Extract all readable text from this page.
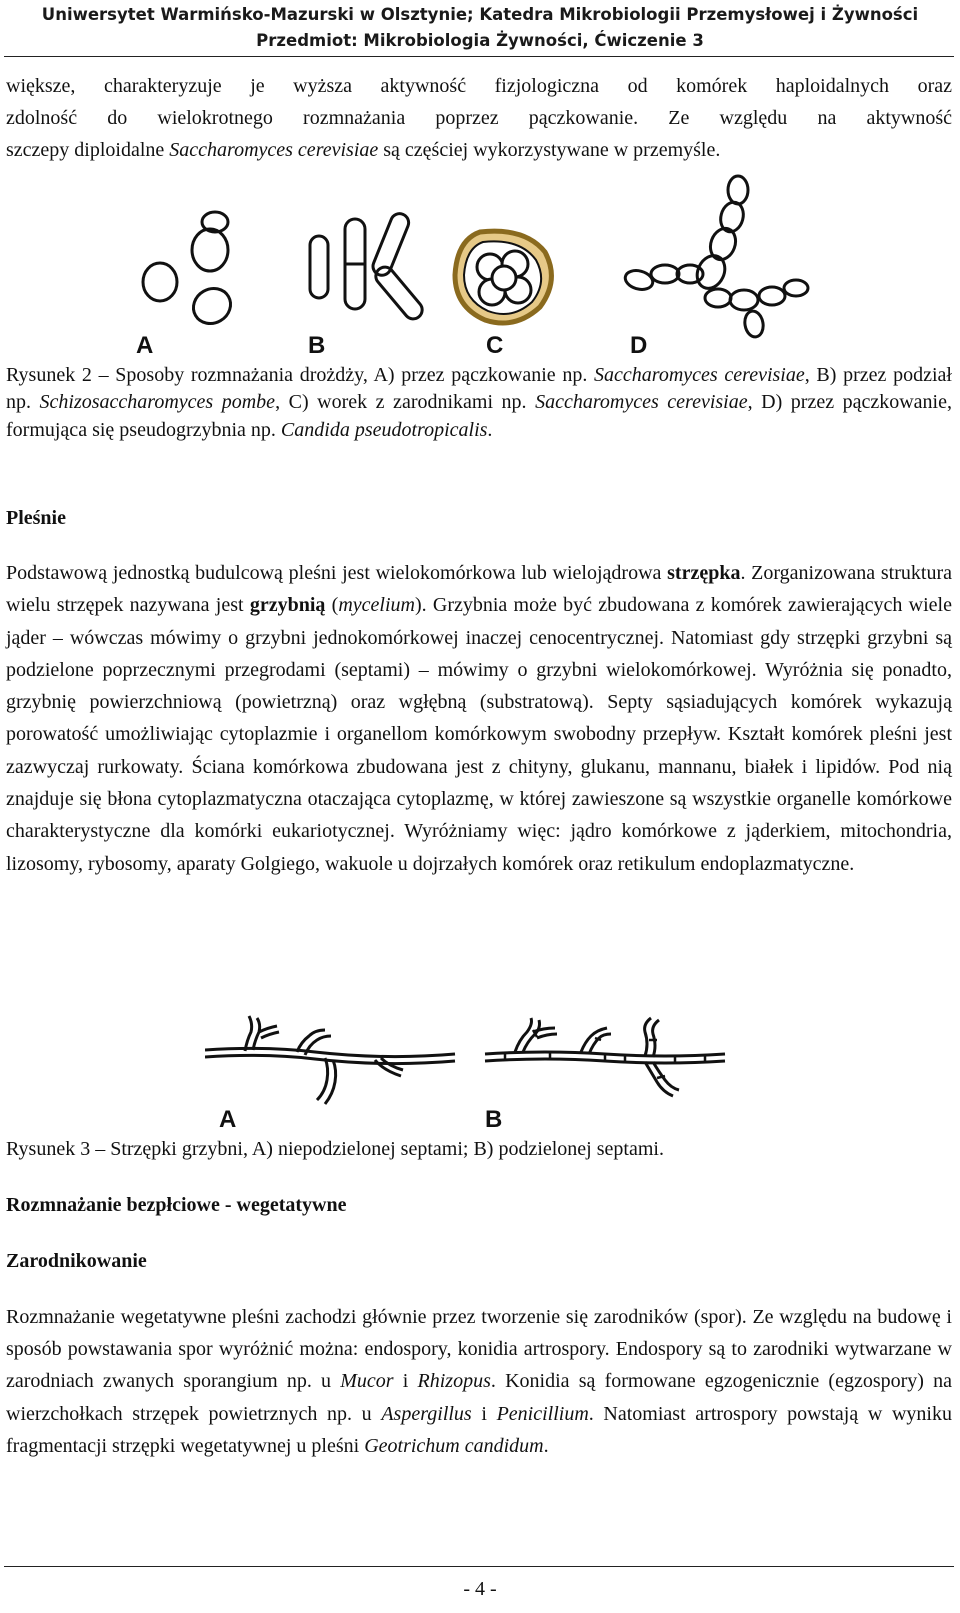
Uniwersytet Warmińsko-Mazurski w Olsztynie; Katedra Mikrobiologii Przemysłowej i Żywności
Przedmiot: Mikrobiologia Żywności, Ćwiczenie 3
większe, charakteryzuje je wyższa aktywność fizjologiczna od komórek haploidalnych oraz
zdolność do wielokrotnego rozmnażania poprzez pączkowanie. Ze względu na aktywność
szczepy diploidalne Saccharomyces cerevisiae są częściej wykorzystywane w przemyśle.
A	B	C	D

Rysunek 2 – Sposoby rozmnażania drożdży, A) przez pączkowanie np. Saccharomyces cerevisiae, B) przez podział np. Schizosaccharomyces pombe, C) worek z zarodnikami np. Saccharomyces cerevisiae, D) przez pączkowanie, formująca się pseudogrzybnia np. Candida pseudotropicalis.

Pleśnie

Podstawową jednostką budulcową pleśni jest wielokomórkowa lub wielojądrowa strzępka. Zorganizowana struktura wielu strzępek nazywana jest grzybnią (mycelium). Grzybnia może być zbudowana z komórek zawierających wiele jąder – wówczas mówimy o grzybni jednokomórkowej inaczej cenocentrycznej. Natomiast gdy strzępki grzybni są podzielone poprzecznymi przegrodami (septami) – mówimy o grzybni wielokomórkowej. Wyróżnia się ponadto, grzybnię powierzchniową (powietrzną) oraz wgłębną (substratową). Septy sąsiadujących komórek wykazują porowatość umożliwiając cytoplazmie i organellom komórkowym swobodny przepływ. Kształt komórek pleśni jest zazwyczaj rurkowaty. Ściana komórkowa zbudowana jest z chityny, glukanu, mannanu, białek i lipidów. Pod nią znajduje się błona cytoplazmatyczna otaczająca cytoplazmę, w której zawieszone są wszystkie organelle komórkowe charakterystyczne dla komórki eukariotycznej. Wyróżniamy więc: jądro komórkowe z jąderkiem, mitochondria, lizosomy, rybosomy, aparaty Golgiego, wakuole u dojrzałych komórek oraz retikulum endoplazmatyczne.

A	B

Rysunek 3 – Strzępki grzybni, A) niepodzielonej septami; B) podzielonej septami.

Rozmnażanie bezpłciowe - wegetatywne
Zarodnikowanie

Rozmnażanie wegetatywne pleśni zachodzi głównie przez tworzenie się zarodników (spor). Ze względu na budowę i sposób powstawania spor wyróżnić można: endospory, konidia artrospory. Endospory są to zarodniki wytwarzane w zarodniach zwanych sporangium np. u Mucor i Rhizopus. Konidia są formowane egzogenicznie (egzospory) na wierzchołkach strzępek powietrznych np. u Aspergillus i Penicillium. Natomiast artrospory powstają w wyniku fragmentacji strzępki wegetatywnej u pleśni Geotrichum candidum.

- 4 -
